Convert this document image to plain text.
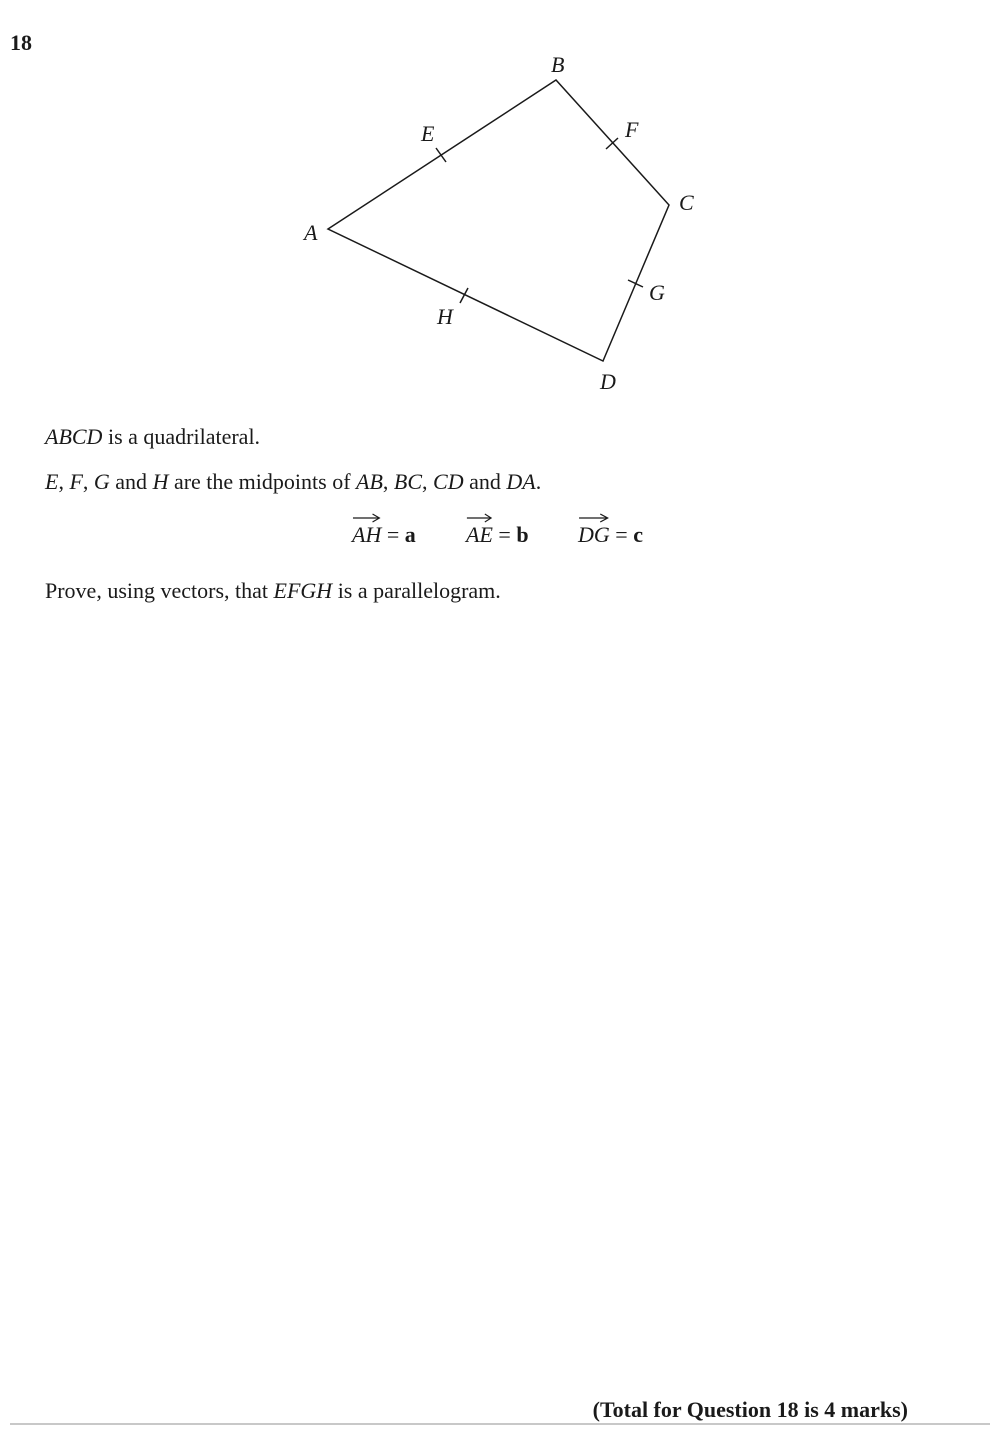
18
A
B
C
D
E	F
G
H
ABCD is a quadrilateral.
E, F, G and H are the midpoints of AB, BC, CD and DA.
AH = a AE = b DG = c
Prove, using vectors, that EFGH is a parallelogram.
(Total for Question 18 is 4 marks)
